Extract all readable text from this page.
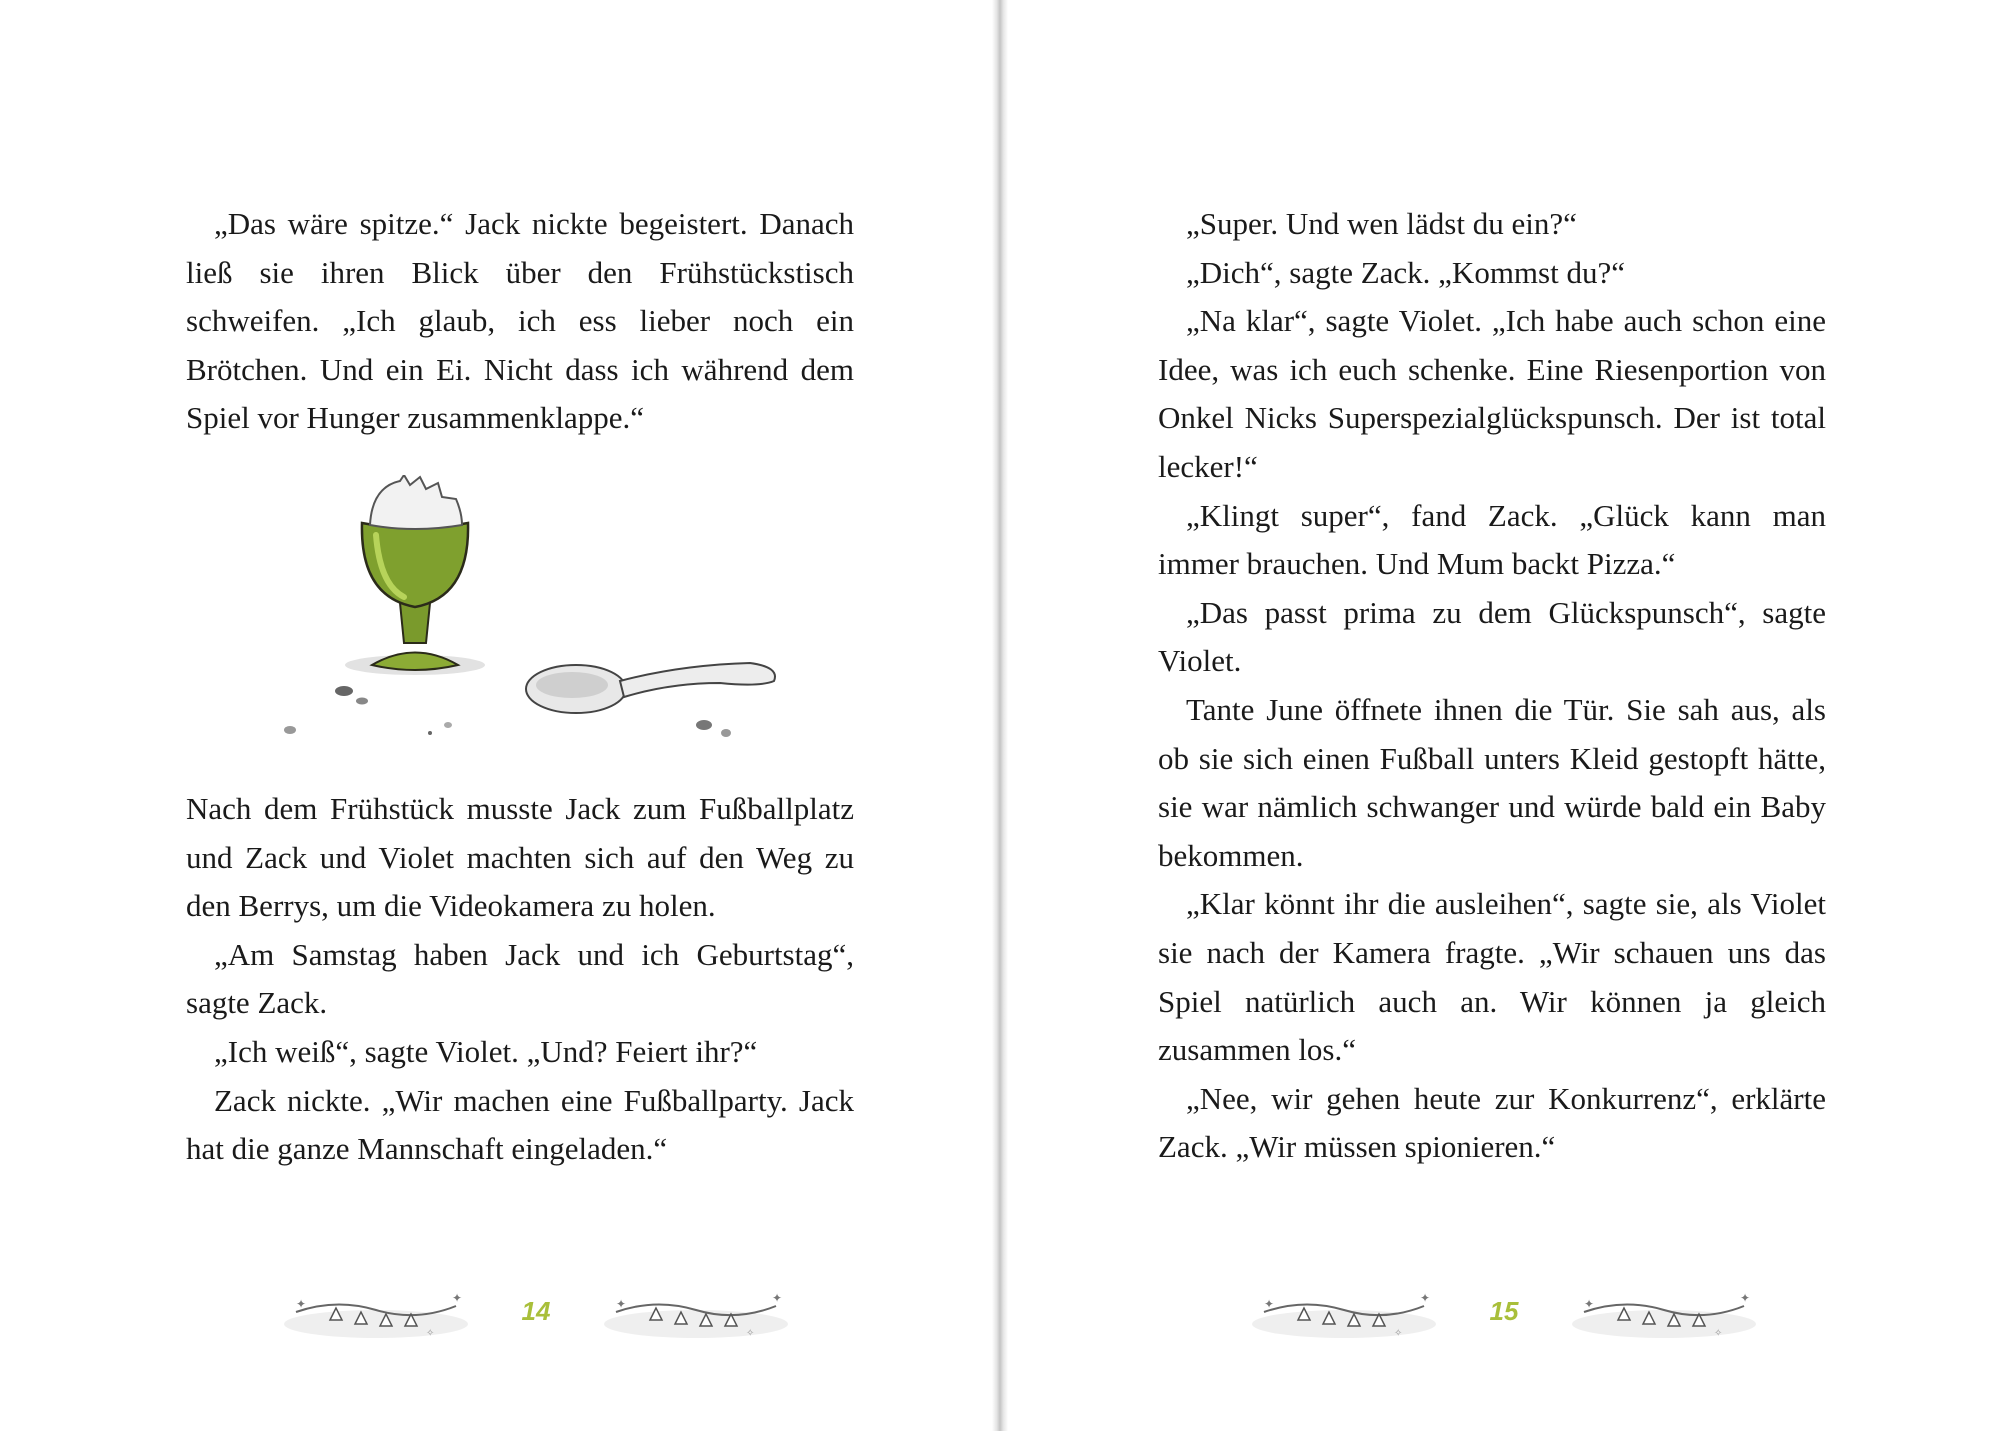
„Das wäre spitze.“ Jack nickte begeistert. Danach ließ sie ihren Blick über den Frühstückstisch schweifen. „Ich glaub, ich ess lieber noch ein Brötchen. Und ein Ei. Nicht dass ich während dem Spiel vor Hunger zusammenklappe.“

Nach dem Frühstück musste Jack zum Fußballplatz und Zack und Violet machten sich auf den Weg zu den Berrys, um die Videokamera zu holen.

„Am Samstag haben Jack und ich Geburtstag“, sagte Zack.

„Ich weiß“, sagte Violet. „Und? Feiert ihr?“

Zack nickte. „Wir machen eine Fußballparty. Jack hat die ganze Mannschaft eingeladen.“

✦	✦
✧
14	✦	✦
✧

„Super. Und wen lädst du ein?“

„Dich“, sagte Zack. „Kommst du?“

„Na klar“, sagte Violet. „Ich habe auch schon eine Idee, was ich euch schenke. Eine Riesenportion von Onkel Nicks Superspezialglückspunsch. Der ist total lecker!“

„Klingt super“, fand Zack. „Glück kann man immer brauchen. Und Mum backt Pizza.“

„Das passt prima zu dem Glückspunsch“, sagte Violet.

Tante June öffnete ihnen die Tür. Sie sah aus, als ob sie sich einen Fußball unters Kleid gestopft hätte, sie war nämlich schwanger und würde bald ein Baby bekommen.

„Klar könnt ihr die ausleihen“, sagte sie, als Violet sie nach der Kamera fragte. „Wir schauen uns das Spiel natürlich auch an. Wir können ja gleich zusammen los.“

„Nee, wir gehen heute zur Konkurrenz“, erklärte Zack. „Wir müssen spionieren.“

✦	✦
✧
15	✦	✦
✧
